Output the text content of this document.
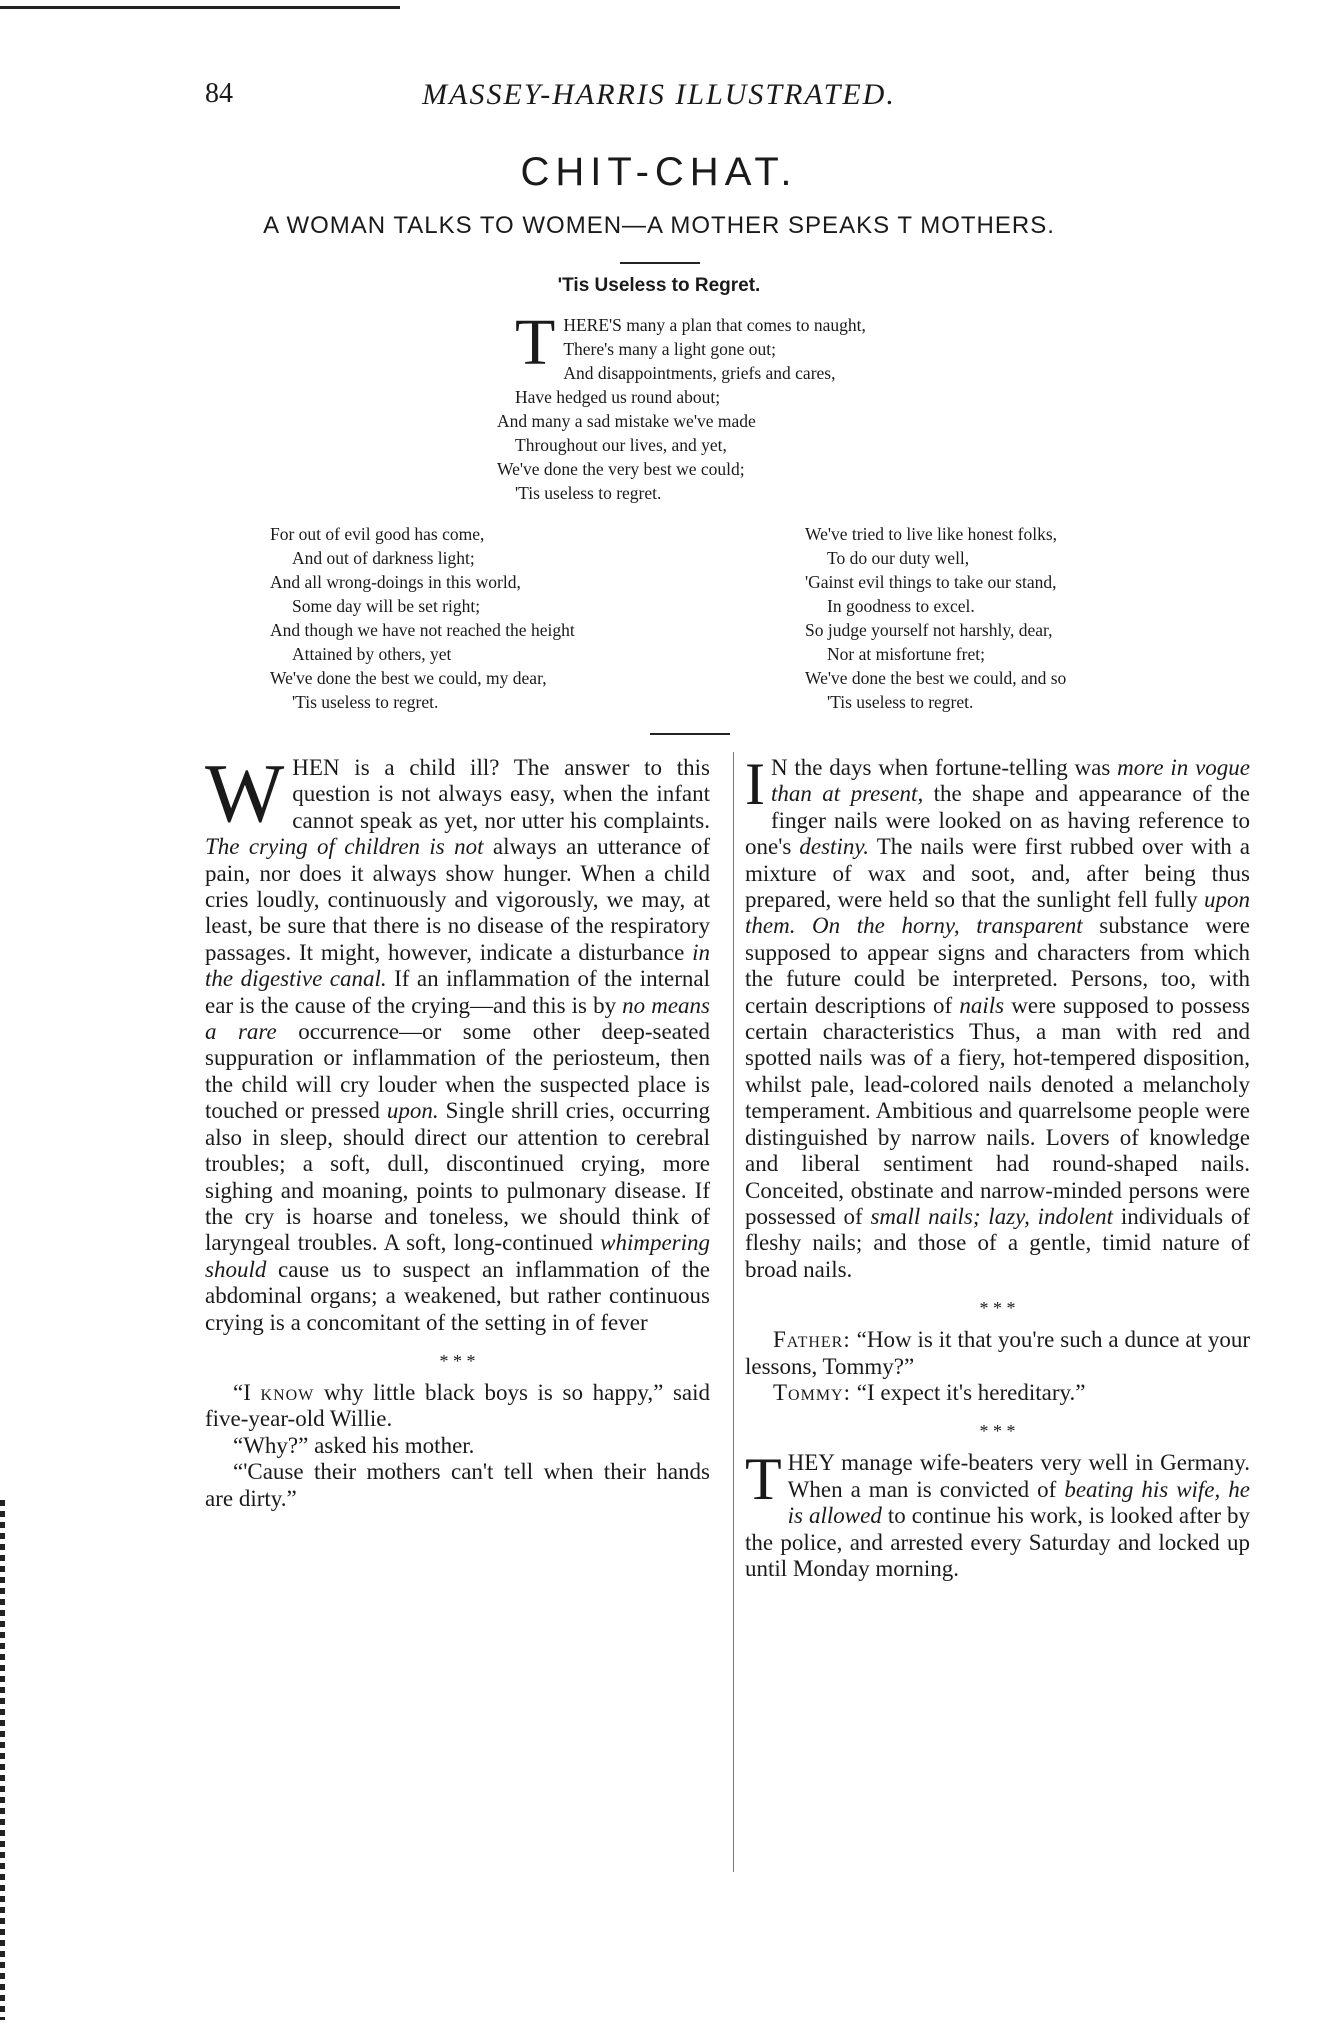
84	MASSEY-HARRIS ILLUSTRATED.
CHIT-CHAT.
A WOMAN TALKS TO WOMEN—A MOTHER SPEAKS T MOTHERS.
'Tis Useless to Regret.
T HERE'S many a plan that comes to naught,
There's many a light gone out;
And disappointments, griefs and cares,
Have hedged us round about;
And many a sad mistake we've made
Throughout our lives, and yet,
We've done the very best we could;
'Tis useless to regret.
For out of evil good has come,
And out of darkness light;
And all wrong-doings in this world,
Some day will be set right;
And though we have not reached the height
Attained by others, yet
We've done the best we could, my dear,
'Tis useless to regret.
We've tried to live like honest folks,
To do our duty well,
'Gainst evil things to take our stand,
In goodness to excel.
So judge yourself not harshly, dear,
Nor at misfortune fret;
We've done the best we could, and so
'Tis useless to regret.

WHEN is a child ill? The answer to this question is not always easy, when the infant cannot speak as yet, nor utter his complaints. The crying of children is not always an utterance of pain, nor does it always show hunger. When a child cries loudly, continuously and vigorously, we may, at least, be sure that there is no disease of the respiratory passages. It might, however, indicate a disturbance in the digestive canal. If an inflammation of the internal ear is the cause of the crying—and this is by no means a rare occurrence—or some other deep-seated suppuration or inflammation of the periosteum, then the child will cry louder when the suspected place is touched or pressed upon. Single shrill cries, occurring also in sleep, should direct our attention to cerebral troubles; a soft, dull, discontinued crying, more sighing and moaning, points to pulmonary disease. If the cry is hoarse and toneless, we should think of laryngeal troubles. A soft, long-continued whimpering should cause us to suspect an inflammation of the abdominal organs; a weakened, but rather continuous crying is a concomitant of the setting in of fever

* * *

“I know why little black boys is so happy,” said five-year-old Willie.

“Why?” asked his mother.

“'Cause their mothers can't tell when their hands are dirty.”

I N the days when fortune-telling was more in vogue than at present, the shape and appearance of the finger nails were looked on as having reference to one's destiny. The nails were first rubbed over with a mixture of wax and soot, and, after being thus prepared, were held so that the sunlight fell fully upon them. On the horny, transparent substance were supposed to appear signs and characters from which the future could be interpreted. Persons, too, with certain descriptions of nails were supposed to possess certain characteristics Thus, a man with red and spotted nails was of a fiery, hot-tempered disposition, whilst pale, lead-colored nails denoted a melancholy temperament. Ambitious and quarrelsome people were distinguished by narrow nails. Lovers of knowledge and liberal sentiment had round-shaped nails. Conceited, obstinate and narrow-minded persons were possessed of small nails; lazy, indolent individuals of fleshy nails; and those of a gentle, timid nature of broad nails.

* * *

Father: “How is it that you're such a dunce at your lessons, Tommy?”

Tommy: “I expect it's hereditary.”

* * *

THEY manage wife-beaters very well in Germany. When a man is convicted of beating his wife, he is allowed to continue his work, is looked after by the police, and arrested every Saturday and locked up until Monday morning.
